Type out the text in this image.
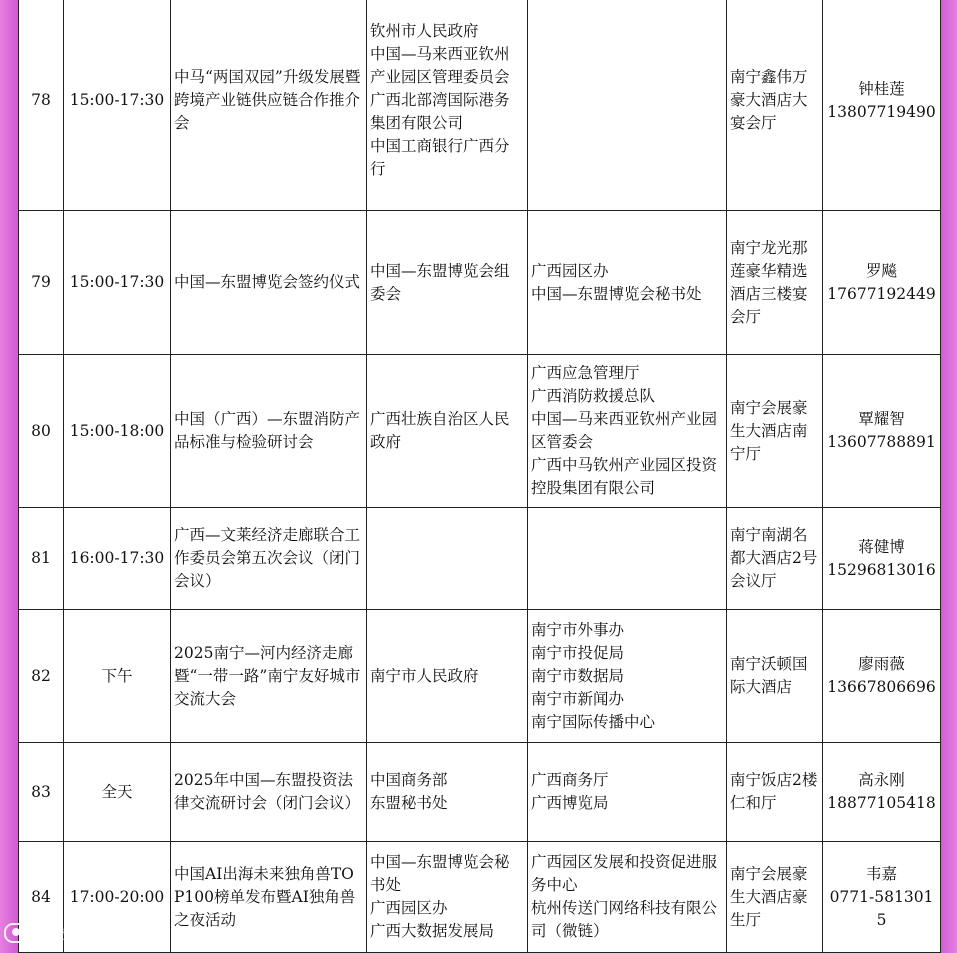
78	15:00-17:30	中马“两国双园”升级发展暨跨境产业链供应链合作推介会	钦州市人民政府
中国—马来西亚钦州产业园区管理委员会
广西北部湾国际港务集团有限公司
中国工商银行广西分行		南宁鑫伟万豪大酒店大宴会厅	钟桂莲
13807719490

79	15:00-17:30	中国—东盟博览会签约仪式	中国—东盟博览会组委会	广西园区办
中国—东盟博览会秘书处	南宁龙光那莲豪华精选酒店三楼宴会厅	罗飚
17677192449

80	15:00-18:00	中国（广西）—东盟消防产品标准与检验研讨会	广西壮族自治区人民政府	广西应急管理厅
广西消防救援总队
中国—马来西亚钦州产业园区管委会
广西中马钦州产业园区投资控股集团有限公司	南宁会展豪生大酒店南宁厅	覃耀智
13607788891

81	16:00-17:30	广西—文莱经济走廊联合工作委员会第五次会议（闭门会议）			南宁南湖名都大酒店2号会议厅	蒋健博
15296813016

82	下午	2025南宁—河内经济走廊暨“一带一路”南宁友好城市交流大会	南宁市人民政府	南宁市外事办
南宁市投促局
南宁市数据局
南宁市新闻办
南宁国际传播中心	南宁沃顿国际大酒店	廖雨薇
13667806696

83	全天	2025年中国—东盟投资法律交流研讨会（闭门会议）	中国商务部
东盟秘书处	广西商务厅
广西博览局	南宁饭店2楼仁和厅	高永刚
18877105418

84	17:00-20:00	中国AI出海未来独角兽TOP100榜单发布暨AI独角兽之夜活动	中国—东盟博览会秘书处
广西园区办
广西大数据发展局	广西园区发展和投资促进服务中心
杭州传送门网络科技有限公司（微链）	南宁会展豪生大酒店豪生厅	韦嘉
0771-5813015
大数跨境
